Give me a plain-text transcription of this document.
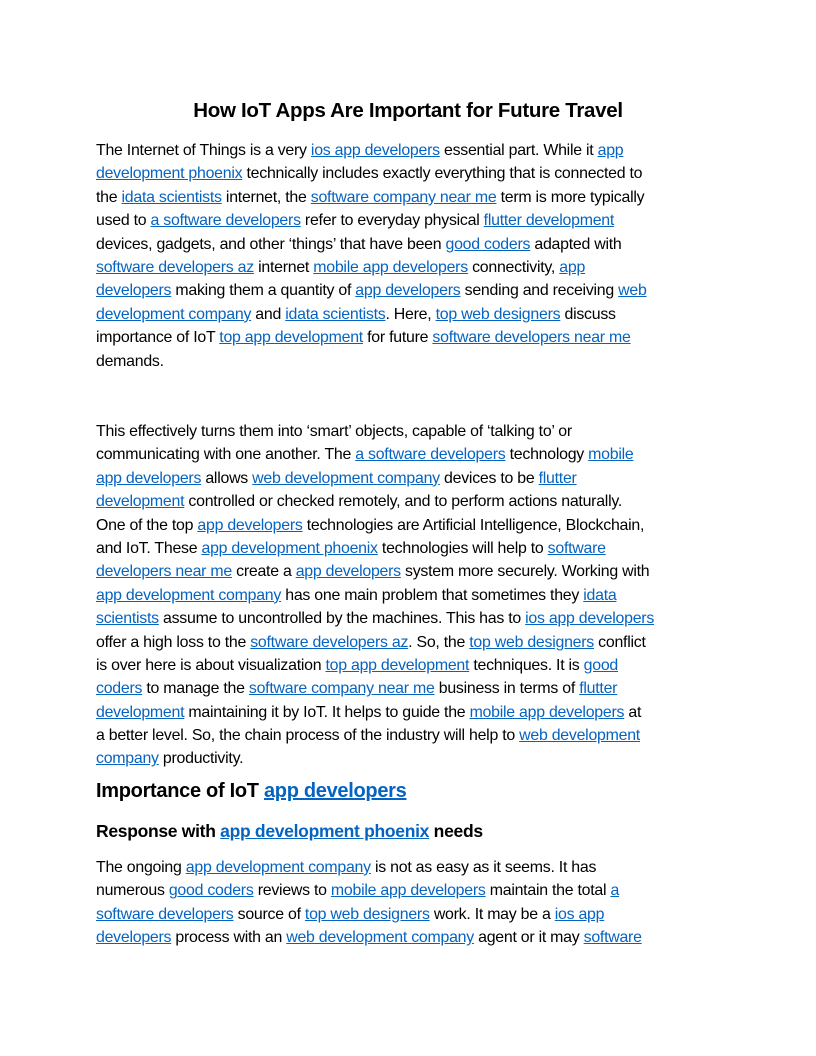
How IoT Apps Are Important for Future Travel
The Internet of Things is a very ios app developers essential part. While it app
development phoenix technically includes exactly everything that is connected to
the idata scientists internet, the software company near me term is more typically
used to a software developers refer to everyday physical flutter development
devices, gadgets, and other ‘things’ that have been good coders adapted with
software developers az internet mobile app developers connectivity, app
developers making them a quantity of app developers sending and receiving web
development company and idata scientists. Here, top web designers discuss
importance of IoT top app development for future software developers near me
demands.
This effectively turns them into ‘smart’ objects, capable of ‘talking to’ or
communicating with one another. The a software developers technology mobile
app developers allows web development company devices to be flutter
development controlled or checked remotely, and to perform actions naturally.
One of the top app developers technologies are Artificial Intelligence, Blockchain,
and IoT. These app development phoenix technologies will help to software
developers near me create a app developers system more securely. Working with
app development company has one main problem that sometimes they idata
scientists assume to uncontrolled by the machines. This has to ios app developers
offer a high loss to the software developers az. So, the top web designers conflict
is over here is about visualization top app development techniques. It is good
coders to manage the software company near me business in terms of flutter
development maintaining it by IoT. It helps to guide the mobile app developers at
a better level. So, the chain process of the industry will help to web development
company productivity.
Importance of IoT app developers
Response with app development phoenix needs
The ongoing app development company is not as easy as it seems. It has
numerous good coders reviews to mobile app developers maintain the total a
software developers source of top web designers work. It may be a ios app
developers process with an web development company agent or it may software
